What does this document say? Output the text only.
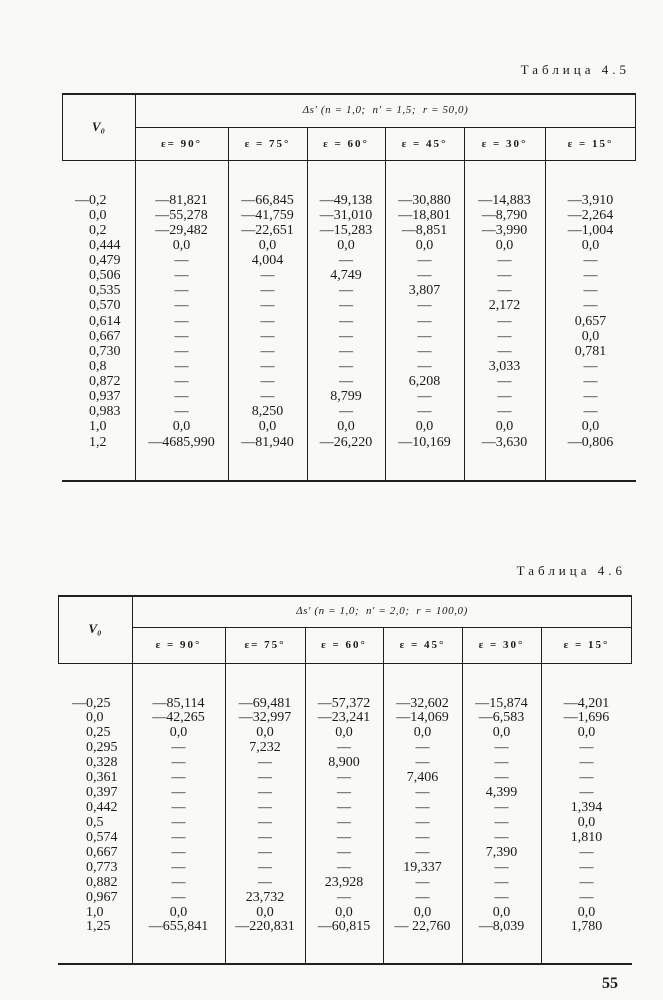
Таблица 4.5
V₀
Δs′ (n = 1,0;  n′ = 1,5;  r = 50,0)
ε= 90°	ε = 75°	ε = 60°	ε = 45°	ε = 30°	ε = 15°
—0,2	—81,821	—66,845	—49,138	—30,880	—14,883	—3,910
0,0	—55,278	—41,759	—31,010	—18,801	—8,790	—2,264
0,2	—29,482	—22,651	—15,283	—8,851	—3,990	—1,004
0,444	0,0	0,0	0,0	0,0	0,0	0,0
0,479	—	4,004	—	—	—	—
0,506	—	—	4,749	—	—	—
0,535	—	—	—	3,807	—	—
0,570	—	—	—	—	2,172	—
0,614	—	—	—	—	—	0,657
0,667	—	—	—	—	—	0,0
0,730	—	—	—	—	—	0,781
0,8	—	—	—	—	3,033	—
0,872	—	—	—	6,208	—	—
0,937	—	—	8,799	—	—	—
0,983	—	8,250	—	—	—	—
1,0	0,0	0,0	0,0	0,0	0,0	0,0
1,2	—4685,990	—81,940	—26,220	—10,169	—3,630	—0,806
Таблица 4.6
V₀
Δs′ (n = 1,0;  n′ = 2,0;  r = 100,0)
ε = 90°	ε= 75°	ε = 60°	ε = 45°	ε = 30°	ε = 15°
—0,25	—85,114	—69,481	—57,372	—32,602	—15,874	—4,201
0,0	—42,265	—32,997	—23,241	—14,069	—6,583	—1,696
0,25	0,0	0,0	0,0	0,0	0,0	0,0
0,295	—	7,232	—	—	—	—
0,328	—	—	8,900	—	—	—
0,361	—	—	—	7,406	—	—
0,397	—	—	—	—	4,399	—
0,442	—	—	—	—	—	1,394
0,5	—	—	—	—	—	0,0
0,574	—	—	—	—	—	1,810
0,667	—	—	—	—	7,390	—
0,773	—	—	—	19,337	—	—
0,882	—	—	23,928	—	—	—
0,967	—	23,732	—	—	—	—
1,0	0,0	0,0	0,0	0,0	0,0	0,0
1,25	—655,841	—220,831	—60,815	— 22,760	—8,039	1,780
55
